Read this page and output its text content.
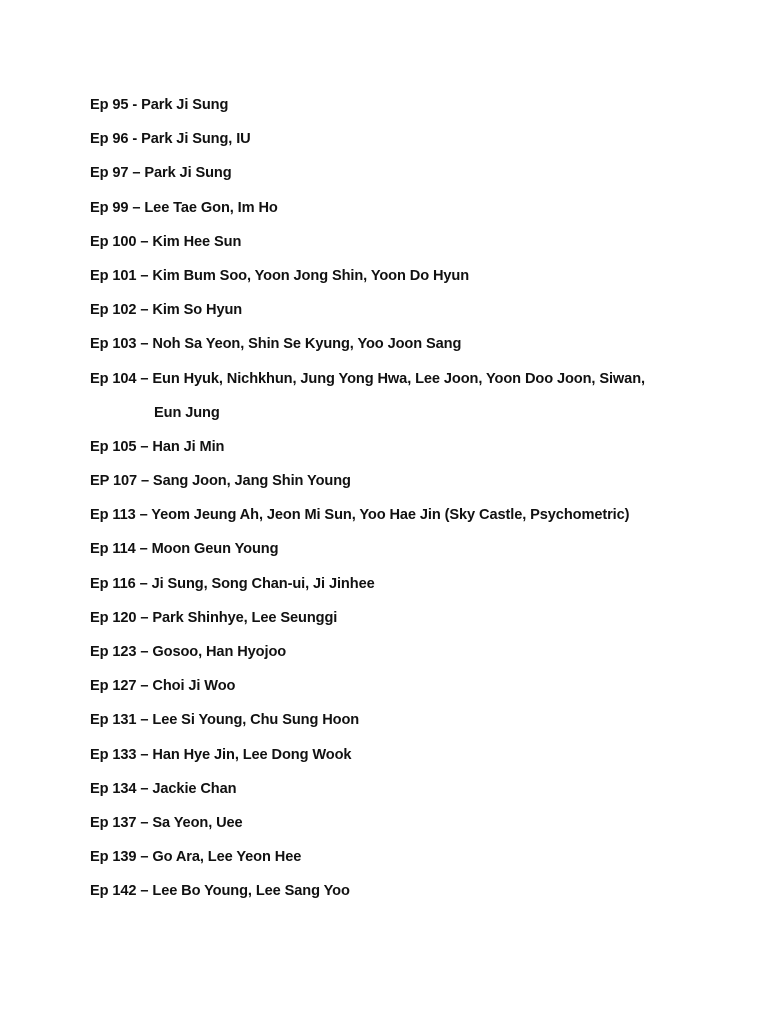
Ep 95 - Park Ji Sung
Ep 96 - Park Ji Sung, IU
Ep 97 – Park Ji Sung
Ep 99 – Lee Tae Gon, Im Ho
Ep 100 – Kim Hee Sun
Ep 101 – Kim Bum Soo, Yoon Jong Shin, Yoon Do Hyun
Ep 102 – Kim So Hyun
Ep 103 – Noh Sa Yeon, Shin Se Kyung, Yoo Joon Sang
Ep 104 – Eun Hyuk, Nichkhun, Jung Yong Hwa, Lee Joon, Yoon Doo Joon, Siwan,
Eun Jung
Ep 105 – Han Ji Min
EP 107 – Sang Joon, Jang Shin Young
Ep 113 – Yeom Jeung Ah, Jeon Mi Sun, Yoo Hae Jin (Sky Castle, Psychometric)
Ep 114 – Moon Geun Young
Ep 116 – Ji Sung, Song Chan-ui, Ji Jinhee
Ep 120 – Park Shinhye, Lee Seunggi
Ep 123 – Gosoo, Han Hyojoo
Ep 127 – Choi Ji Woo
Ep 131 – Lee Si Young, Chu Sung Hoon
Ep 133 – Han Hye Jin, Lee Dong Wook
Ep 134 – Jackie Chan
Ep 137 – Sa Yeon, Uee
Ep 139 – Go Ara, Lee Yeon Hee
Ep 142 – Lee Bo Young, Lee Sang Yoo
